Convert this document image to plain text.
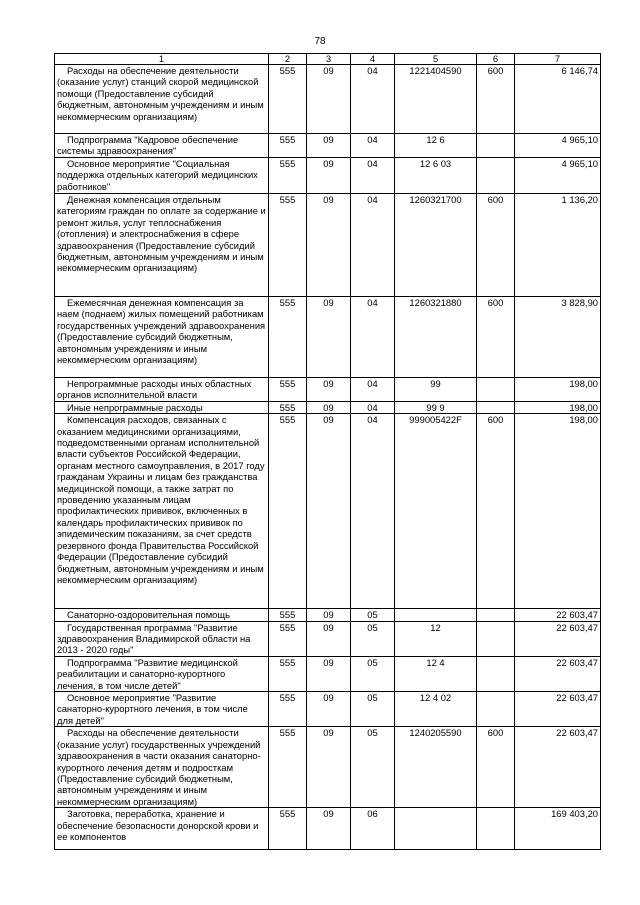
78
1	2	3	4	5	6	7
Расходы на обеспечение деятельности (оказание услуг) станций скорой медицинской помощи (Предоставление субсидий бюджетным, автономным учреждениям и иным некоммерческим организациям)	555	09	04	1221404590	600	6 146,74
Подпрограмма "Кадровое обеспечение системы здравоохранения"	555	09	04	12 6		4 965,10
Основное мероприятие "Социальная поддержка отдельных категорий медицинских работников"	555	09	04	12 6 03		4 965,10
Денежная компенсация отдельным категориям граждан по оплате за содержание и ремонт жилья, услуг теплоснабжения (отопления) и электроснабжения в сфере здравоохранения (Предоставление субсидий бюджетным, автономным учреждениям и иным некоммерческим организациям)	555	09	04	1260321700	600	1 136,20
Ежемесячная денежная компенсация за наем (поднаем) жилых помещений работникам государственных учреждений здравоохранения (Предоставление субсидий бюджетным, автономным учреждениям и иным некоммерческим организациям)	555	09	04	1260321880	600	3 828,90
Непрограммные расходы иных областных органов исполнительной власти	555	09	04	99		198,00
Иные непрограммные расходы	555	09	04	99 9		198,00
Компенсация расходов, связанных с оказанием медицинскими организациями, подведомственными органам исполнительной власти субъектов Российской Федерации, органам местного самоуправления, в 2017 году гражданам Украины и лицам без гражданства медицинской помощи, а также затрат по проведению указанным лицам профилактических прививок, включенных в календарь профилактических прививок по эпидемическим показаниям, за счет средств резервного фонда Правительства Российской Федерации (Предоставление субсидий бюджетным, автономным учреждениям и иным некоммерческим организациям)	555	09	04	999005422F	600	198,00
Санаторно-оздоровительная помощь	555	09	05			22 603,47
Государственная программа "Развитие здравоохранения Владимирской области на 2013 - 2020 годы"	555	09	05	12		22 603,47
Подпрограмма "Развитие медицинской реабилитации и санаторно-курортного лечения, в том числе детей"	555	09	05	12 4		22 603,47
Основное мероприятие "Развитие санаторно-курортного лечения, в том числе для детей"	555	09	05	12 4 02		22 603,47
Расходы на обеспечение деятельности (оказание услуг) государственных учреждений здравоохранения в части оказания санаторно-курортного лечения детям и подросткам (Предоставление субсидий бюджетным, автономным учреждениям и иным некоммерческим организациям)	555	09	05	1240205590	600	22 603,47
Заготовка, переработка, хранение и обеспечение безопасности донорской крови и ее компонентов	555	09	06			169 403,20
